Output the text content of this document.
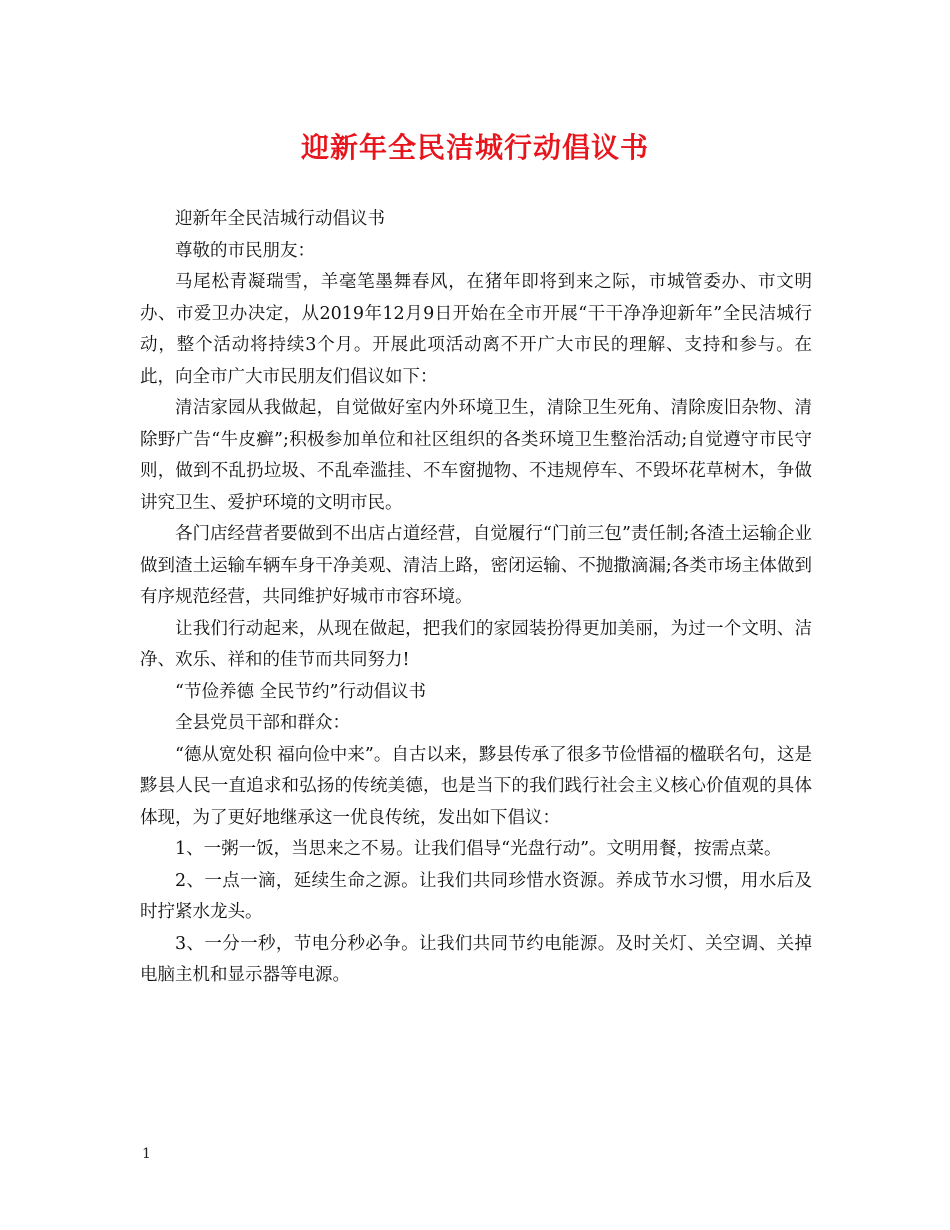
迎新年全民洁城行动倡议书

迎新年全民洁城行动倡议书

尊敬的市民朋友：

马尾松青凝瑞雪，羊毫笔墨舞春风，在猪年即将到来之际，市城管委办、市文明办、市爱卫办决定，从2019年12月9日开始在全市开展“干干净净迎新年”全民洁城行动，整个活动将持续3个月。开展此项活动离不开广大市民的理解、支持和参与。在此，向全市广大市民朋友们倡议如下：

清洁家园从我做起，自觉做好室内外环境卫生，清除卫生死角、清除废旧杂物、清除野广告“牛皮癣”;积极参加单位和社区组织的各类环境卫生整治活动;自觉遵守市民守则，做到不乱扔垃圾、不乱牵滥挂、不车窗抛物、不违规停车、不毁坏花草树木，争做讲究卫生、爱护环境的文明市民。

各门店经营者要做到不出店占道经营，自觉履行“门前三包”责任制;各渣土运输企业做到渣土运输车辆车身干净美观、清洁上路，密闭运输、不抛撒滴漏;各类市场主体做到有序规范经营，共同维护好城市市容环境。

让我们行动起来，从现在做起，把我们的家园装扮得更加美丽，为过一个文明、洁净、欢乐、祥和的佳节而共同努力!

“节俭养德 全民节约”行动倡议书

全县党员干部和群众：

“德从宽处积 福向俭中来”。自古以来，黟县传承了很多节俭惜福的楹联名句，这是黟县人民一直追求和弘扬的传统美德，也是当下的我们践行社会主义核心价值观的具体体现，为了更好地继承这一优良传统，发出如下倡议：

1、一粥一饭，当思来之不易。让我们倡导“光盘行动”。文明用餐，按需点菜。

2、一点一滴，延续生命之源。让我们共同珍惜水资源。养成节水习惯，用水后及时拧紧水龙头。

3、一分一秒，节电分秒必争。让我们共同节约电能源。及时关灯、关空调、关掉电脑主机和显示器等电源。

1
